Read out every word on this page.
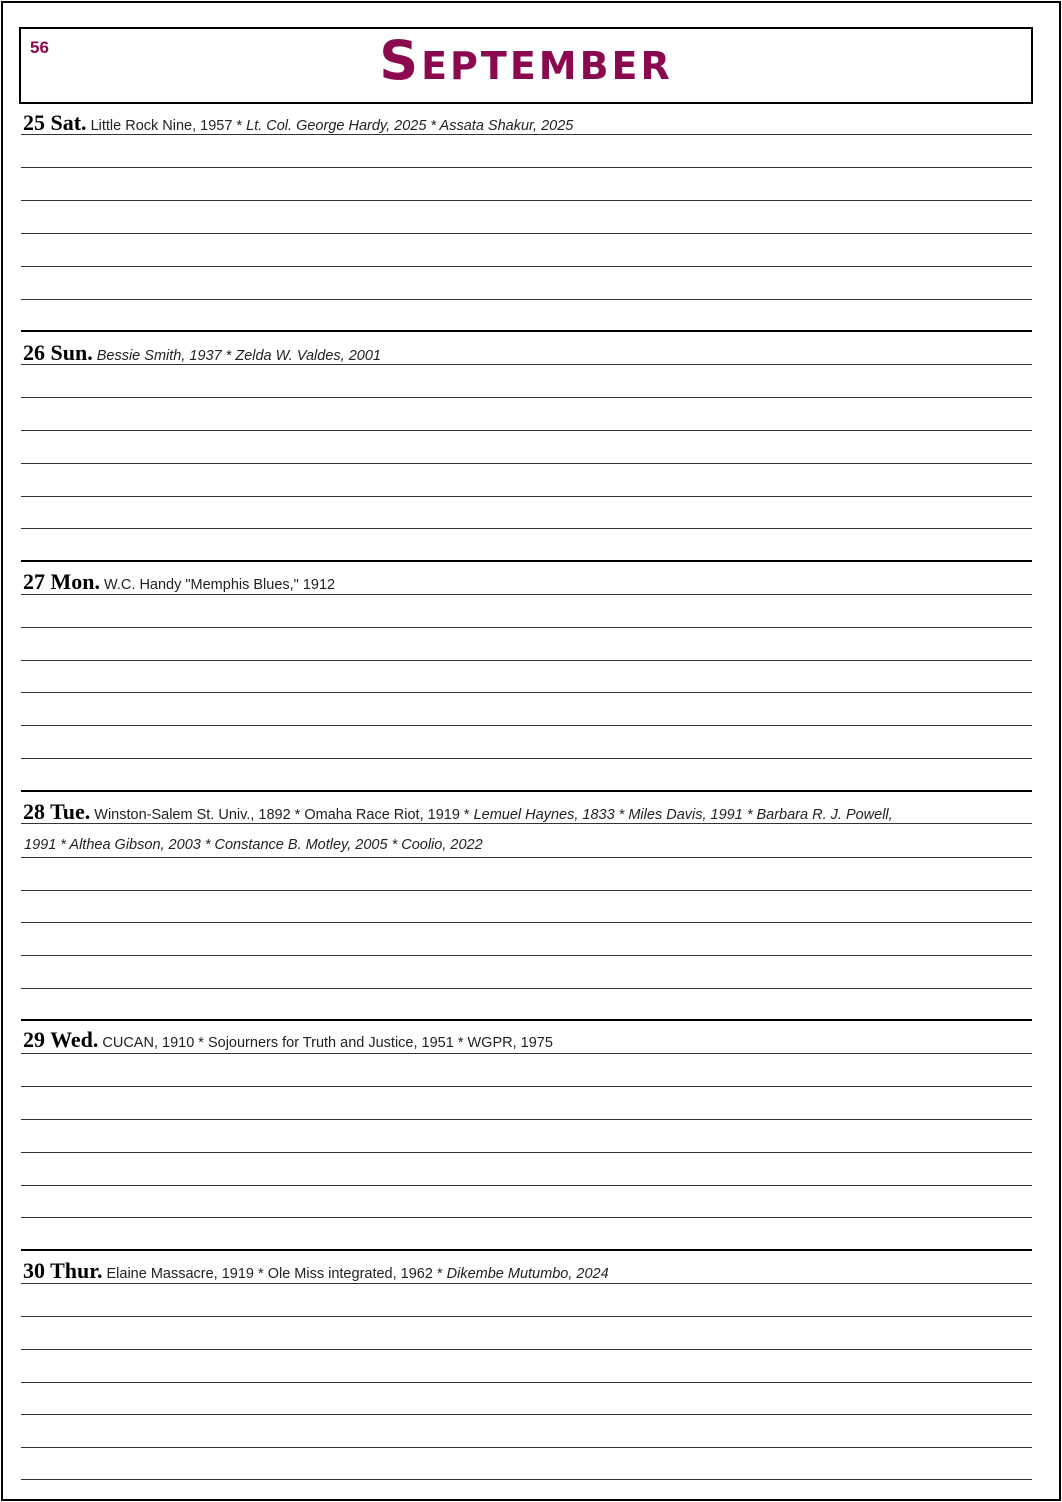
56	September
25 Sat. Little Rock Nine, 1957 * Lt. Col. George Hardy, 2025 * Assata Shakur, 2025
26 Sun. Bessie Smith, 1937 * Zelda W. Valdes, 2001
27 Mon. W.C. Handy "Memphis Blues," 1912
28 Tue. Winston-Salem St. Univ., 1892 * Omaha Race Riot, 1919 * Lemuel Haynes, 1833 * Miles Davis, 1991 * Barbara R. J. Powell,
1991 * Althea Gibson, 2003 * Constance B. Motley, 2005 * Coolio, 2022
29 Wed. CUCAN, 1910 * Sojourners for Truth and Justice, 1951 * WGPR, 1975
30 Thur. Elaine Massacre, 1919 * Ole Miss integrated, 1962 * Dikembe Mutumbo, 2024
